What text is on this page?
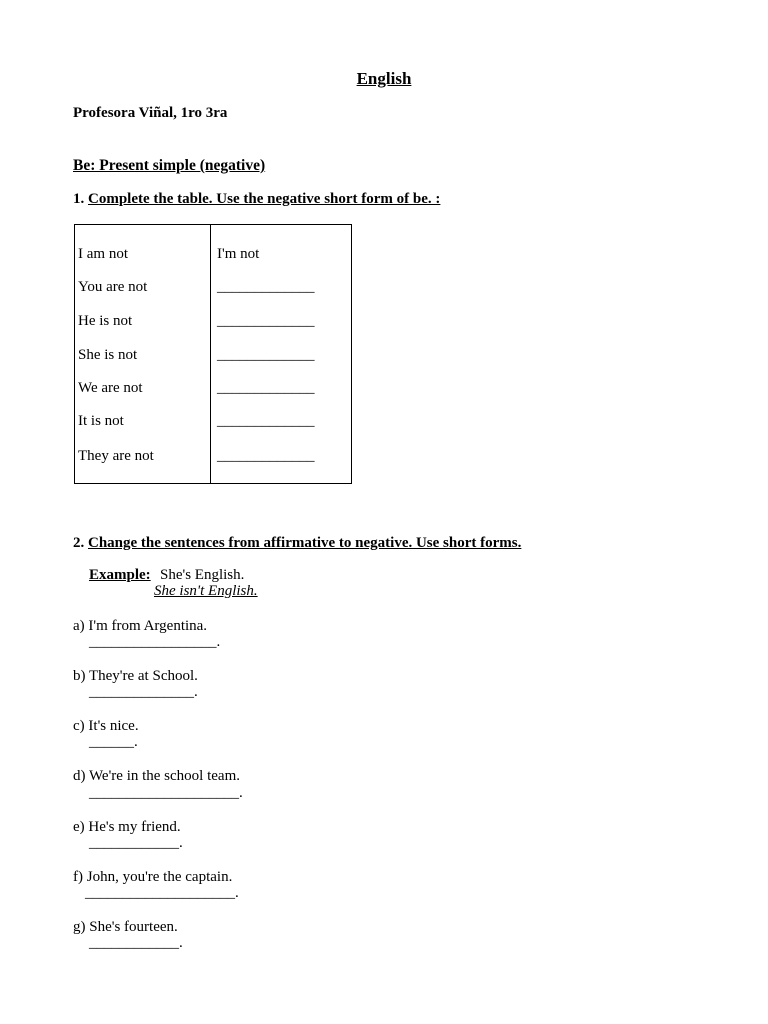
English
Profesora Viñal, 1ro 3ra
Be: Present simple (negative)
1. Complete the table. Use the negative short form of be. :
I am not	I'm not
You are not	_____________
He is not	_____________
She is not	_____________
We are not	_____________
It is not	_____________
They are not	_____________
2. Change the sentences from affirmative to negative. Use short forms.
Example: She's English.
She isn't English.
a) I'm from Argentina.
_________________.
b) They're at School.
______________.
c) It's nice.
______.
d) We're in the school team.
____________________.
e) He's my friend.
____________.
f) John, you're the captain.
____________________.
g) She's fourteen.
____________.
